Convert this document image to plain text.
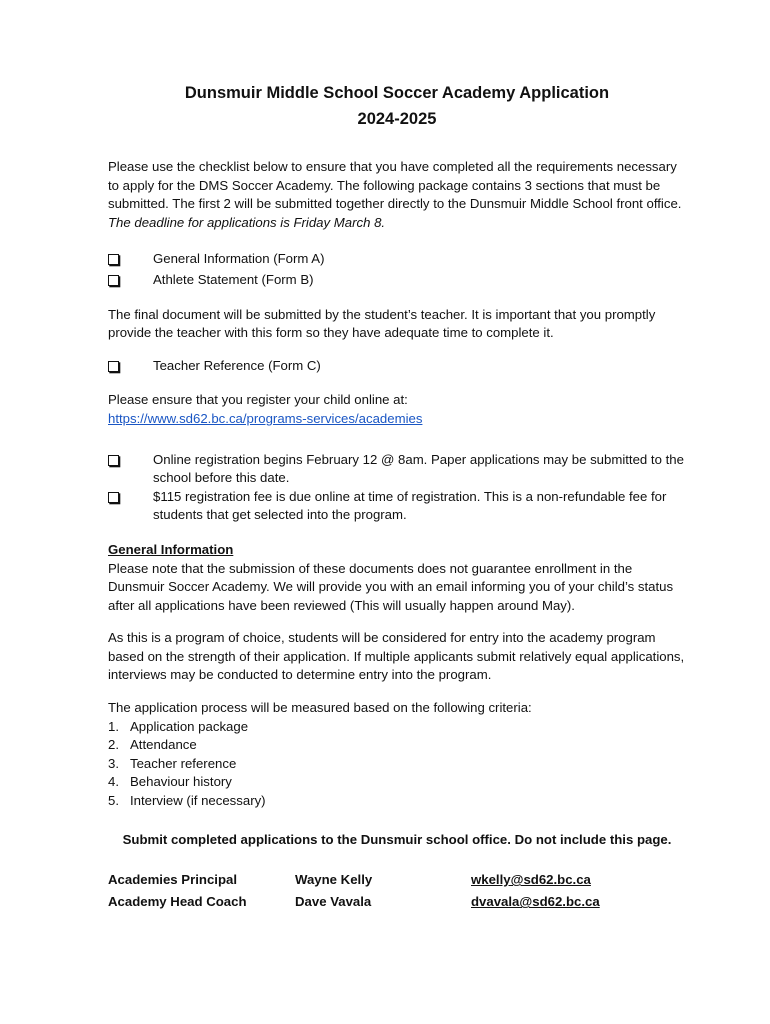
Dunsmuir Middle School Soccer Academy Application
2024-2025

Please use the checklist below to ensure that you have completed all the requirements necessary to apply for the DMS Soccer Academy. The following package contains 3 sections that must be submitted. The first 2 will be submitted together directly to the Dunsmuir Middle School front office. The deadline for applications is Friday March 8.

General Information (Form A)
Athlete Statement (Form B)

The final document will be submitted by the student’s teacher. It is important that you promptly provide the teacher with this form so they have adequate time to complete it.

Teacher Reference (Form C)

Please ensure that you register your child online at:
https://www.sd62.bc.ca/programs-services/academies

Online registration begins February 12 @ 8am. Paper applications may be submitted to the school before this date.
$115 registration fee is due online at time of registration. This is a non-refundable fee for students that get selected into the program.
General Information

Please note that the submission of these documents does not guarantee enrollment in the Dunsmuir Soccer Academy. We will provide you with an email informing you of your child’s status after all applications have been reviewed (This will usually happen around May).

As this is a program of choice, students will be considered for entry into the academy program based on the strength of their application. If multiple applicants submit relatively equal applications, interviews may be conducted to determine entry into the program.

The application process will be measured based on the following criteria:

1. Application package
2. Attendance
3. Teacher reference
4. Behaviour history
5. Interview (if necessary)

Submit completed applications to the Dunsmuir school office. Do not include this page.

Academies Principal	Wayne Kelly	wkelly@sd62.bc.ca
Academy Head Coach	Dave Vavala	dvavala@sd62.bc.ca
